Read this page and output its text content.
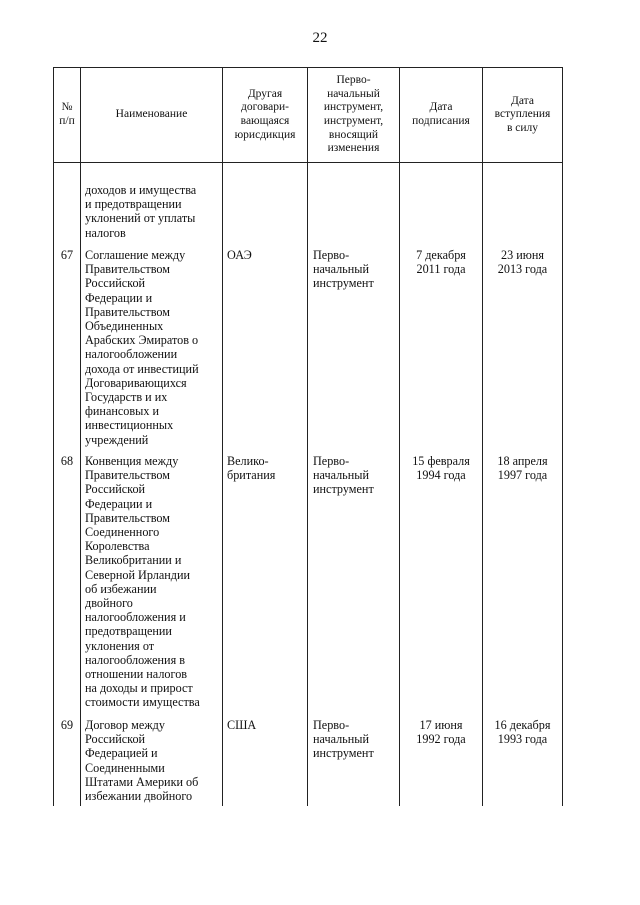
22
№
п/п
Наименование
Другая
договари-
вающаяся
юрисдикция
Перво-
начальный
инструмент,
инструмент,
вносящий
изменения
Дата
подписания
Дата
вступления
в силу
доходов и имущества
и предотвращении
уклонений от уплаты
налогов
67 Соглашение между
Правительством
Российской
Федерации и
Правительством
Объединенных
Арабских Эмиратов о
налогообложении
дохода от инвестиций
Договаривающихся
Государств и их
финансовых и
инвестиционных
учреждений
ОАЭ	Перво-
начальный
инструмент
7 декабря
2011 года
23 июня
2013 года
68 Конвенция между
Правительством
Российской
Федерации и
Правительством
Соединенного
Королевства
Великобритании и
Северной Ирландии
об избежании
двойного
налогообложения и
предотвращении
уклонения от
налогообложения в
отношении налогов
на доходы и прирост
стоимости имущества
Велико-
британия
Перво-
начальный
инструмент
15 февраля
1994 года
18 апреля
1997 года
69 Договор между
Российской
Федерацией и
Соединенными
Штатами Америки об
избежании двойного
США	Перво-
начальный
инструмент
17 июня
1992 года
16 декабря
1993 года
